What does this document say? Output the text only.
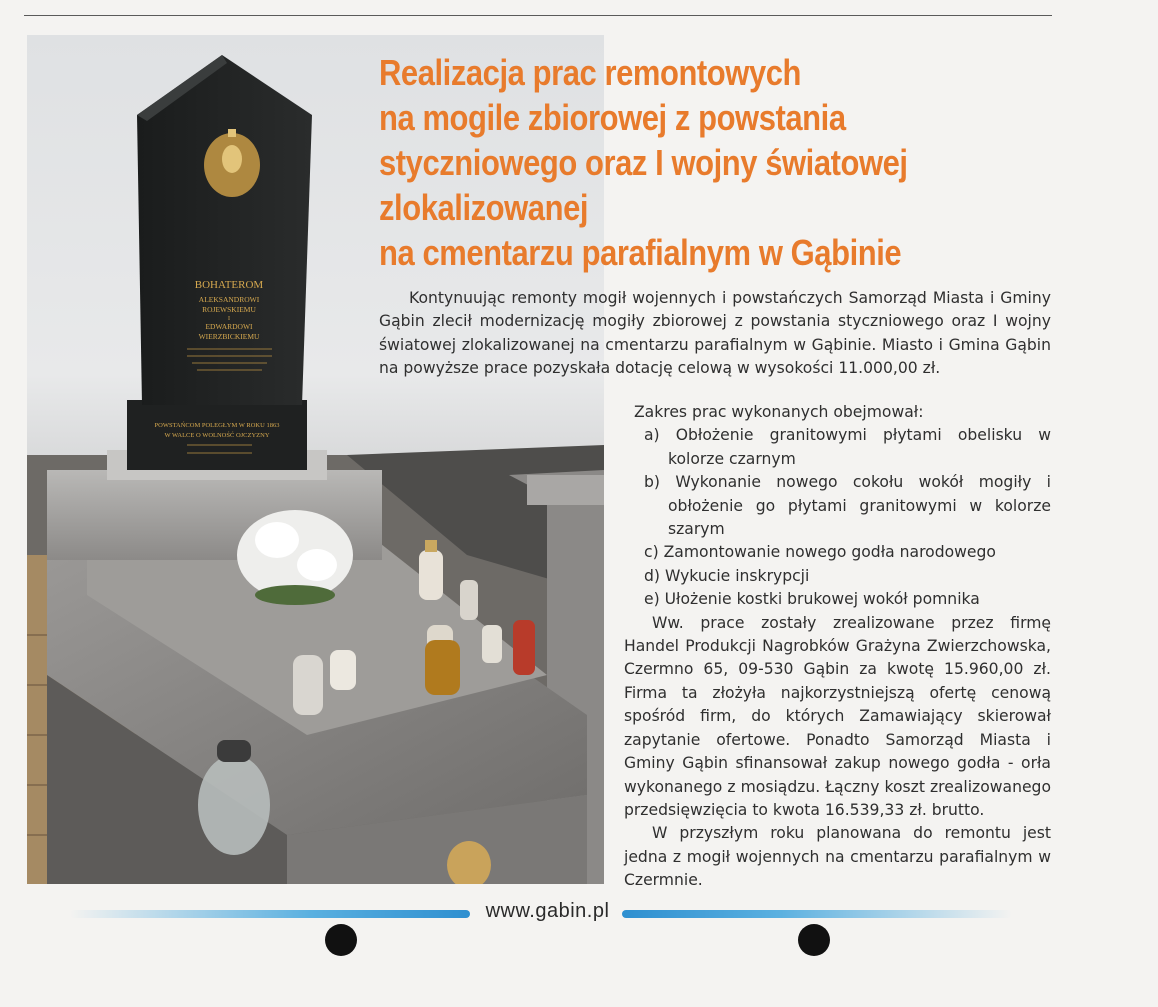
BOHATEROM
ALEKSANDROWI
ROJEWSKIEMU
I
EDWARDOWI
WIERZBICKIEMU
POWSTAŃCOM POLEGŁYM W ROKU 1863
W WALCE O WOLNOŚĆ OJCZYZNY
Realizacja prac remontowych
na mogile zbiorowej z powstania
styczniowego oraz I wojny światowej
zlokalizowanej
na cmentarzu parafialnym w Gąbinie

Kontynuując remonty mogił wojennych i powstańczych Samorząd Miasta i Gminy Gąbin zlecił modernizację mogiły zbiorowej z powstania styczniowego oraz I wojny światowej zlokalizowanej na cmentarzu parafialnym w Gąbinie. Miasto i Gmina Gąbin na powyższe prace pozyskała dotację celową w wysokości 11.000,00 zł.

Zakres prac wykonanych obejmował:

a) Obłożenie granitowymi płytami obelisku w kolorze czarnym
b) Wykonanie nowego cokołu wokół mogiły i obłożenie go płytami granitowymi w kolorze szarym
c) Zamontowanie nowego godła narodowego
d) Wykucie inskrypcji
e) Ułożenie kostki brukowej wokół pomnika

Ww. prace zostały zrealizowane przez firmę Handel Produkcji Nagrobków Grażyna Zwierzchowska, Czermno 65, 09-530 Gąbin za kwotę 15.960,00 zł. Firma ta złożyła najkorzystniejszą ofertę cenową spośród firm, do których Zamawiający skierował zapytanie ofertowe. Ponadto Samorząd Miasta i Gminy Gąbin sfinansował zakup nowego godła - orła wykonanego z mosiądzu. Łączny koszt zrealizowanego przedsięwzięcia to kwota 16.539,33 zł. brutto.

W przyszłym roku planowana do remontu jest jedna z mogił wojennych na cmentarzu parafialnym w Czermnie.

www.gabin.pl
